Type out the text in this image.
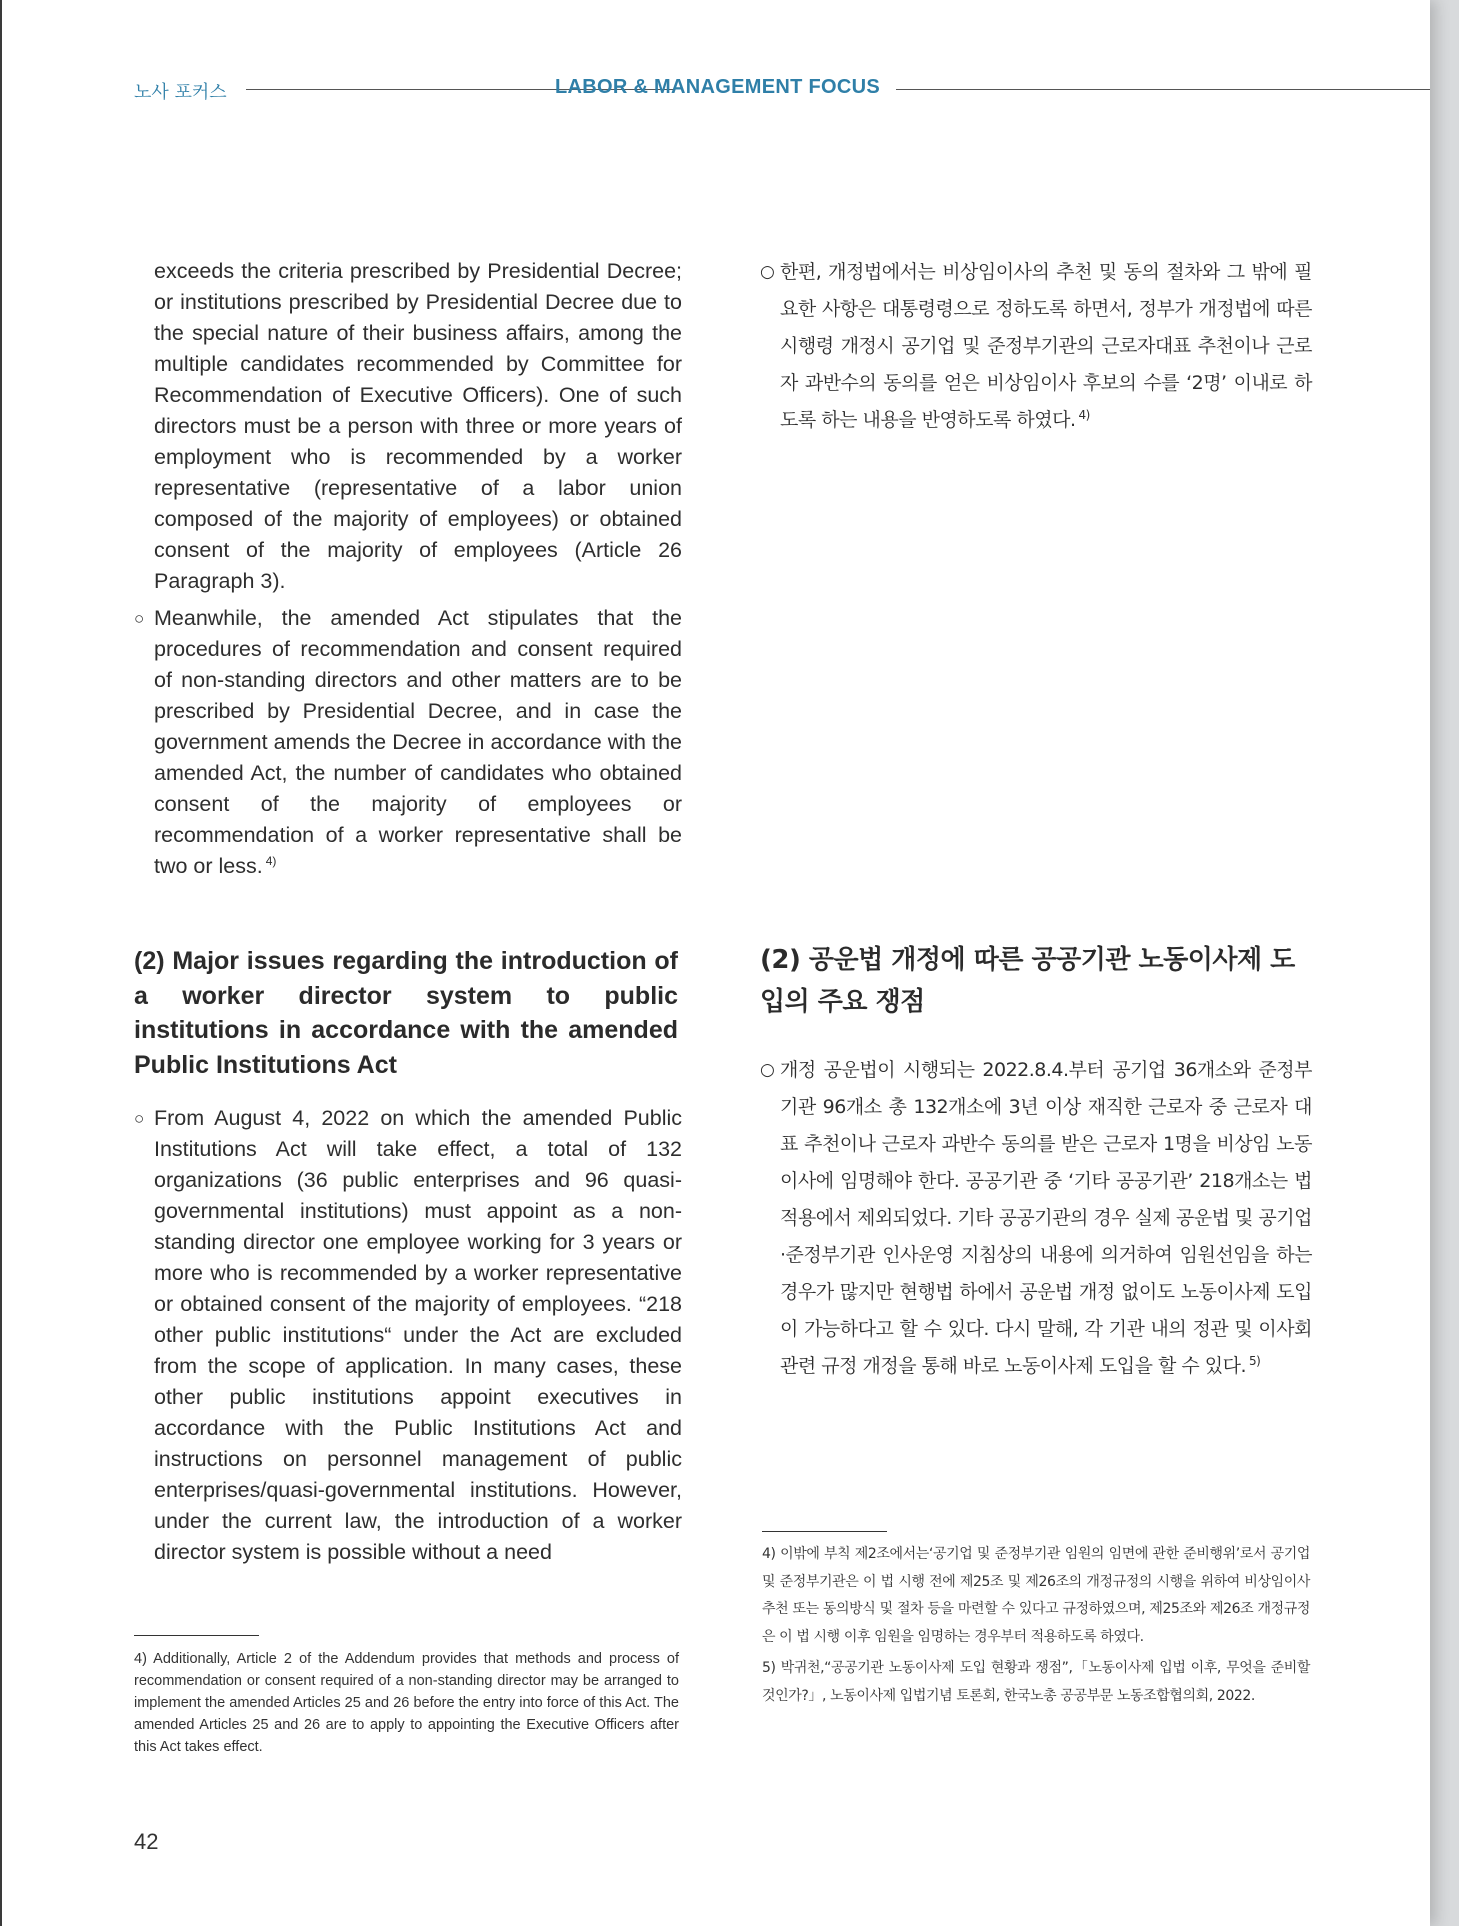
노사 포커스	LABOR & MANAGEMENT FOCUS

exceeds the criteria prescribed by Presidential Decree; or institutions prescribed by Presidential Decree due to the special nature of their business affairs, among the multiple candidates recommended by Committee for Recommendation of Executive Officers). One of such directors must be a person with three or more years of employment who is recommended by a worker representative (representative of a labor union composed of the majority of employees) or obtained consent of the majority of employees (Article 26 Paragraph 3).

○ Meanwhile, the amended Act stipulates that the procedures of recommendation and consent required of non-standing directors and other matters are to be prescribed by Presidential Decree, and in case the government amends the Decree in accordance with the amended Act, the number of candidates who obtained consent of the majority of employees or recommendation of a worker representative shall be two or less. $^{4)}$

(2) Major issues regarding the introduction of a worker director system to public institutions in accordance with the amended Public Institutions Act

○ From August 4, 2022 on which the amended Public Institutions Act will take effect, a total of 132 organizations (36 public enterprises and 96 quasi-governmental institutions) must appoint as a non-standing director one employee working for 3 years or more who is recommended by a worker representative or obtained consent of the majority of employees. “218 other public institutions“ under the Act are excluded from the scope of application. In many cases, these other public institutions appoint executives in accordance with the Public Institutions Act and instructions on personnel management of public enterprises/quasi-governmental institutions. However, under the current law, the introduction of a worker director system is possible without a need

4) Additionally, Article 2 of the Addendum provides that methods and process of recommendation or consent required of a non-standing director may be arranged to implement the amended Articles 25 and 26 before the entry into force of this Act. The amended Articles 25 and 26 are to apply to appointing the Executive Officers after this Act takes effect.

○ 한편, 개정법에서는 비상임이사의 추천 및 동의 절차와 그 밖에 필요한 사항은 대통령령으로 정하도록 하면서, 정부가 개정법에 따른 시행령 개정시 공기업 및 준정부기관의 근로자대표 추천이나 근로자 과반수의 동의를 얻은 비상임이사 후보의 수를 ‘2명’ 이내로 하도록 하는 내용을 반영하도록 하였다. $^{4)}$

(2) 공운법 개정에 따른 공공기관 노동이사제 도입의 주요 쟁점

○ 개정 공운법이 시행되는 2022.8.4.부터 공기업 36개소와 준정부기관 96개소 총 132개소에 3년 이상 재직한 근로자 중 근로자 대표 추천이나 근로자 과반수 동의를 받은 근로자 1명을 비상임 노동이사에 임명해야 한다. 공공기관 중 ‘기타 공공기관’ 218개소는 법적용에서 제외되었다. 기타 공공기관의 경우 실제 공운법 및 공기업·준정부기관 인사운영 지침상의 내용에 의거하여 임원선임을 하는 경우가 많지만 현행법 하에서 공운법 개정 없이도 노동이사제 도입이 가능하다고 할 수 있다. 다시 말해, 각 기관 내의 정관 및 이사회 관련 규정 개정을 통해 바로 노동이사제 도입을 할 수 있다. $^{5)}$

4) 이밖에 부칙 제2조에서는‘공기업 및 준정부기관 임원의 임면에 관한 준비행위’로서 공기업 및 준정부기관은 이 법 시행 전에 제25조 및 제26조의 개정규정의 시행을 위하여 비상임이사 추천 또는 동의방식 및 절차 등을 마련할 수 있다고 규정하였으며, 제25조와 제26조 개정규정은 이 법 시행 이후 임원을 임명하는 경우부터 적용하도록 하였다.

5) 박귀천,“공공기관 노동이사제 도입 현황과 쟁점”,「노동이사제 입법 이후, 무엇을 준비할 것인가?」, 노동이사제 입법기념 토론회, 한국노총 공공부문 노동조합협의회, 2022.

42
